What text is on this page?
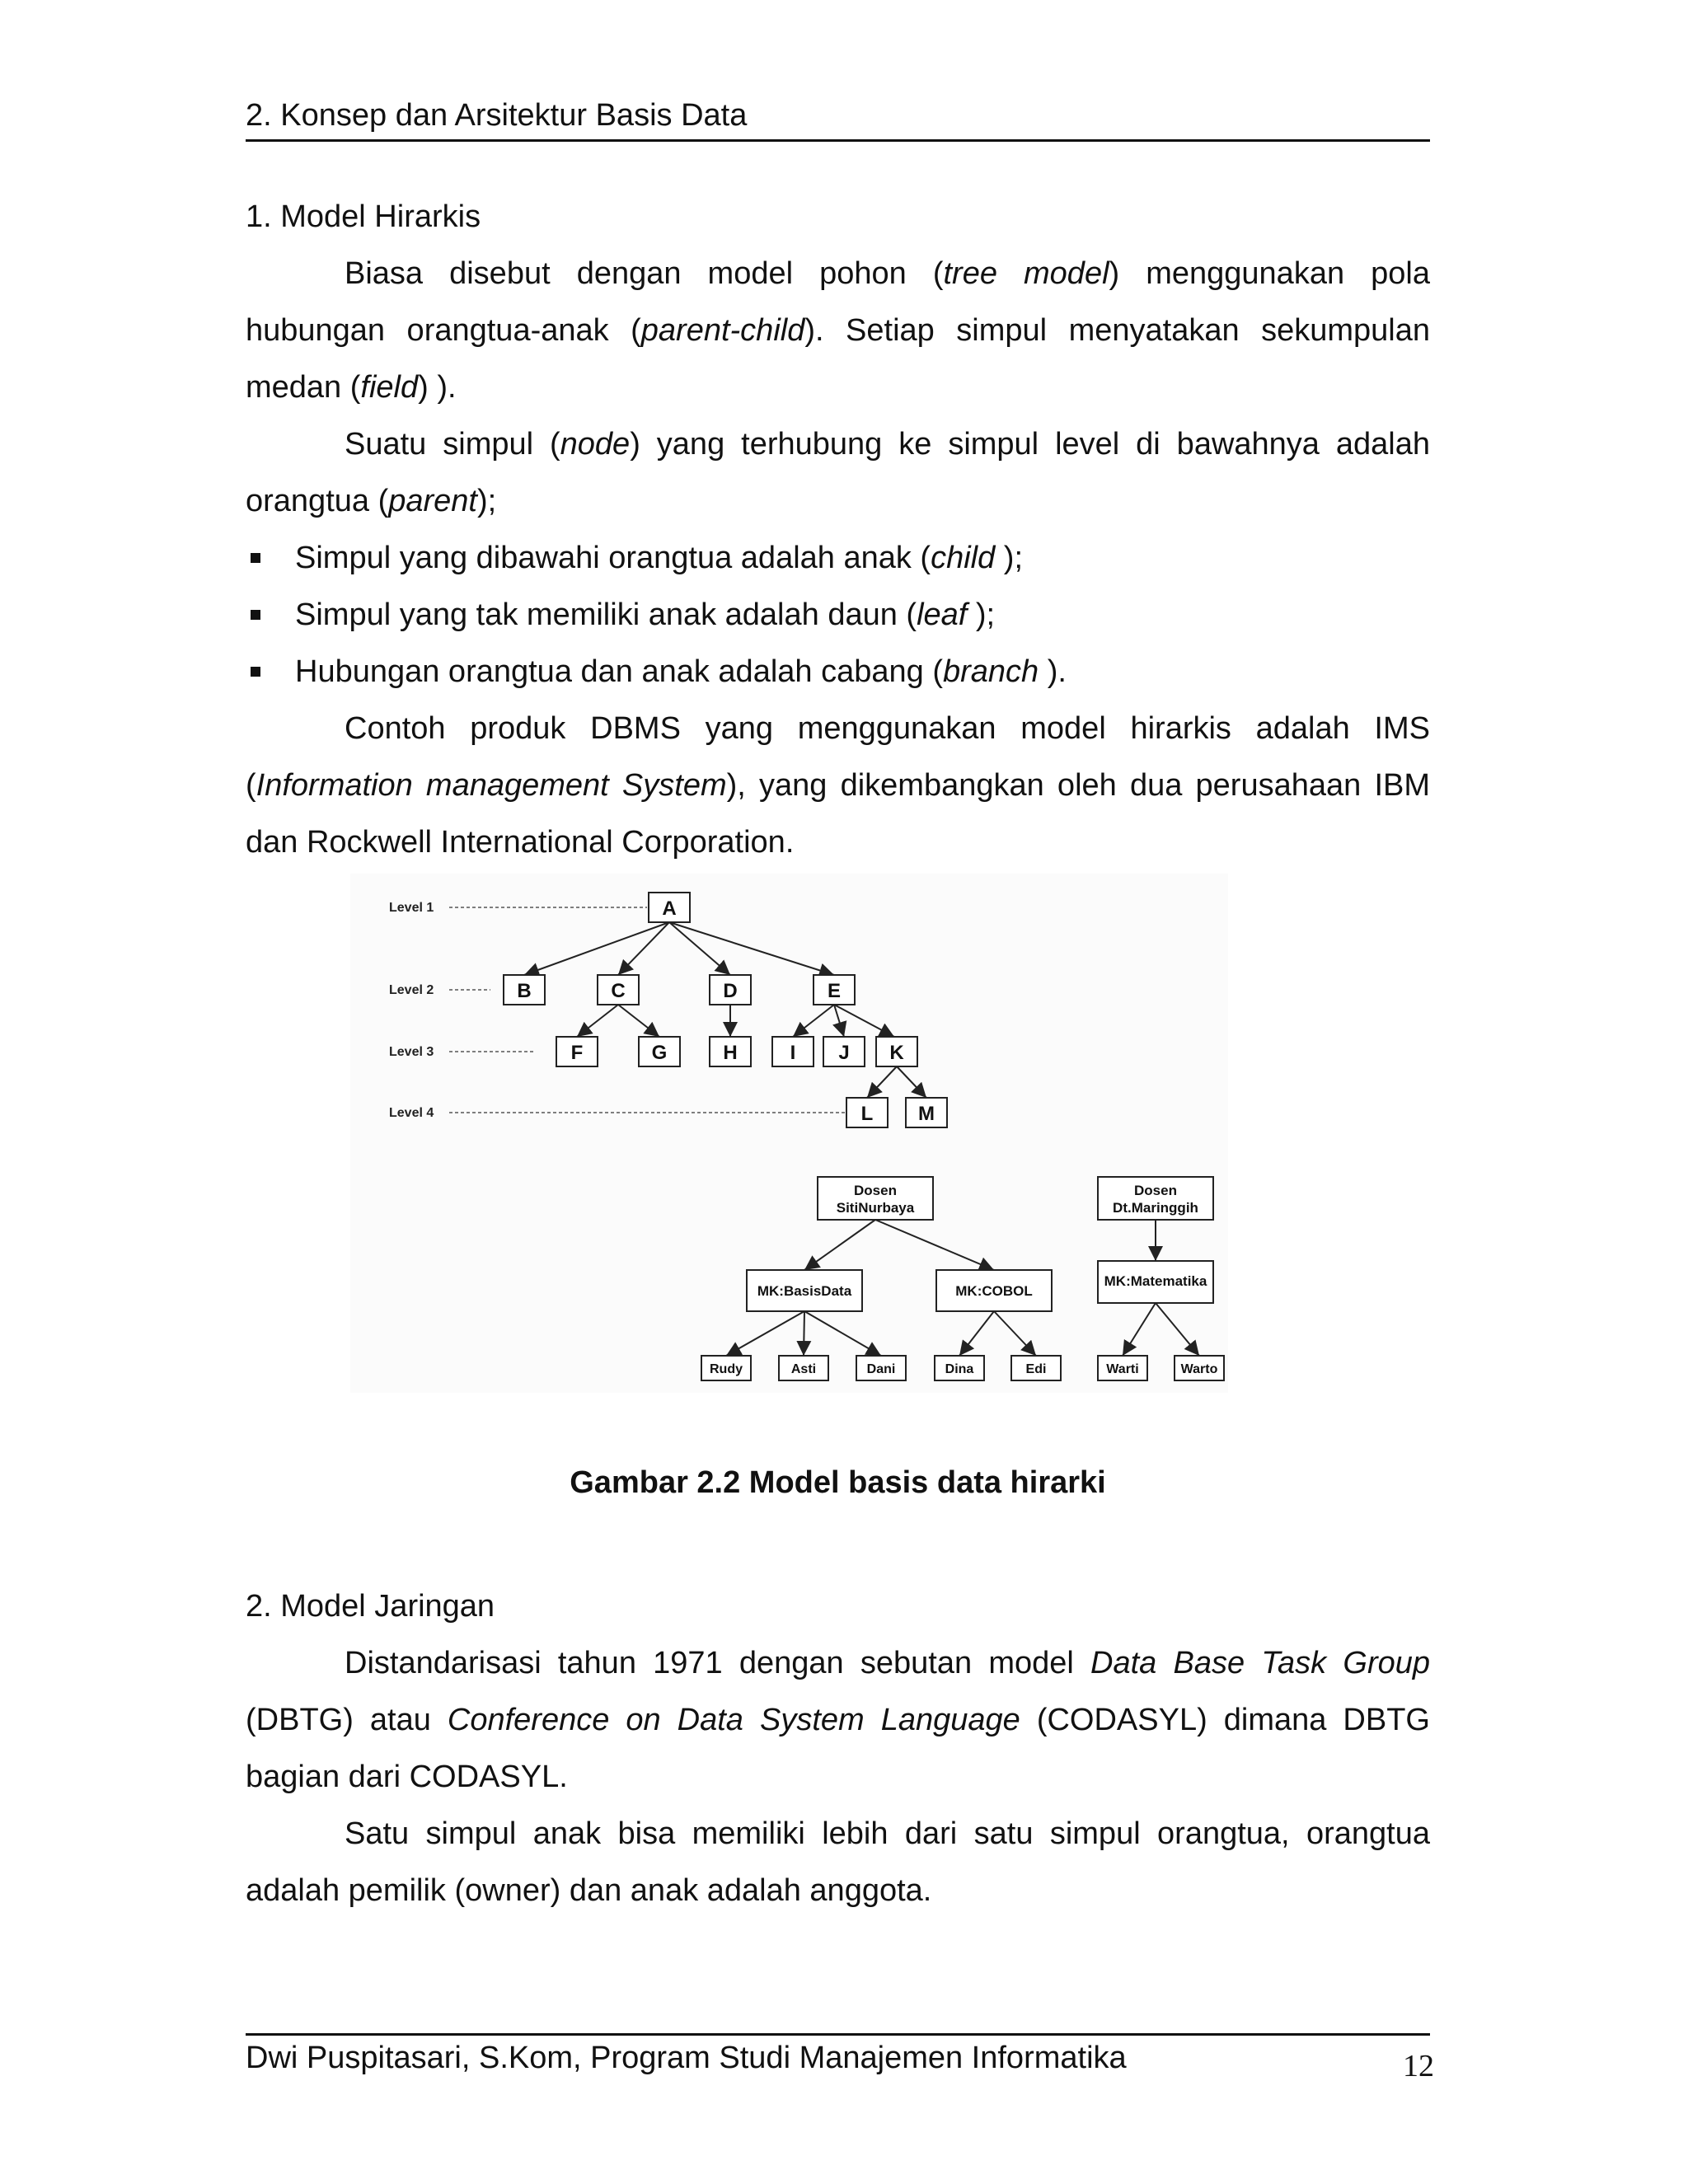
2. Konsep dan Arsitektur Basis Data
1. Model Hirarkis

Biasa disebut dengan model pohon (tree model) menggunakan pola hubungan orangtua-anak (parent-child). Setiap simpul menyatakan sekumpulan medan (field) ).

Suatu simpul (node) yang terhubung ke simpul level di bawahnya adalah orangtua (parent);

Simpul yang dibawahi orangtua adalah anak (child );
Simpul yang tak memiliki anak adalah daun (leaf );
Hubungan orangtua dan anak adalah cabang (branch ).

Contoh produk DBMS yang menggunakan model hirarkis adalah IMS (Information management System), yang dikembangkan oleh dua perusahaan IBM dan Rockwell International Corporation.

Level 1
Level 2
Level 3
Level 4
A
B	C	D	E
F	G	H	I J K
L M
Dosen
SitiNurbaya
Dosen
Dt.Maringgih
MK:BasisData	MK:COBOL
MK:Matematika
Rudy	Asti	Dani	Dina	Edi	Warti	Warto
Gambar 2.2 Model basis data hirarki
2. Model Jaringan

Distandarisasi tahun 1971 dengan sebutan model Data Base Task Group (DBTG) atau Conference on Data System Language (CODASYL) dimana DBTG bagian dari CODASYL.

Satu simpul anak bisa memiliki lebih dari satu simpul orangtua, orangtua adalah pemilik (owner) dan anak adalah anggota.

Dwi Puspitasari, S.Kom, Program Studi Manajemen Informatika	12
